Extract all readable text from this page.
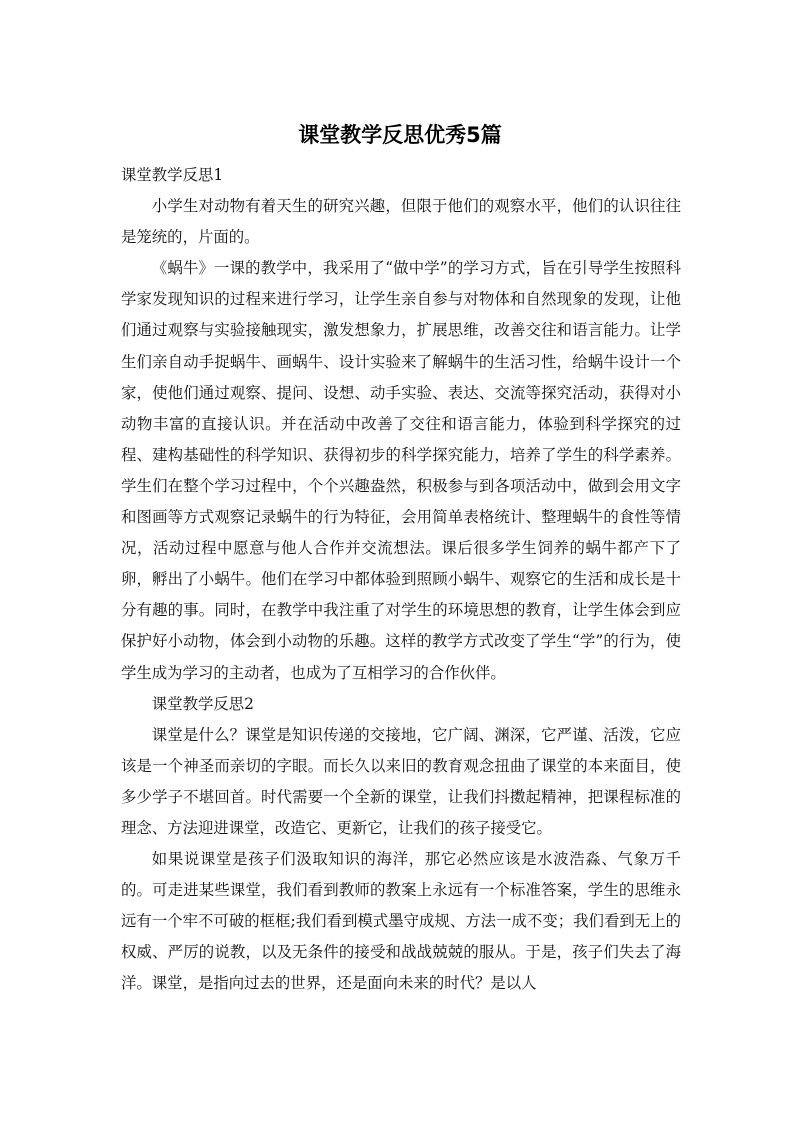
课堂教学反思优秀5篇

课堂教学反思1

小学生对动物有着天生的研究兴趣，但限于他们的观察水平，他们的认识往往是笼统的，片面的。

《蜗牛》一课的教学中，我采用了“做中学”的学习方式，旨在引导学生按照科学家发现知识的过程来进行学习，让学生亲自参与对物体和自然现象的发现，让他们通过观察与实验接触现实，激发想象力，扩展思维，改善交往和语言能力。让学生们亲自动手捉蜗牛、画蜗牛、设计实验来了解蜗牛的生活习性，给蜗牛设计一个家，使他们通过观察、提问、设想、动手实验、表达、交流等探究活动，获得对小动物丰富的直接认识。并在活动中改善了交往和语言能力，体验到科学探究的过程、建构基础性的科学知识、获得初步的科学探究能力，培养了学生的科学素养。学生们在整个学习过程中，个个兴趣盎然，积极参与到各项活动中，做到会用文字和图画等方式观察记录蜗牛的行为特征，会用简单表格统计、整理蜗牛的食性等情况，活动过程中愿意与他人合作并交流想法。课后很多学生饲养的蜗牛都产下了卵，孵出了小蜗牛。他们在学习中都体验到照顾小蜗牛、观察它的生活和成长是十分有趣的事。同时，在教学中我注重了对学生的环境思想的教育，让学生体会到应保护好小动物，体会到小动物的乐趣。这样的教学方式改变了学生“学”的行为，使学生成为学习的主动者，也成为了互相学习的合作伙伴。

课堂教学反思2

课堂是什么？课堂是知识传递的交接地，它广阔、渊深，它严谨、活泼，它应该是一个神圣而亲切的字眼。而长久以来旧的教育观念扭曲了课堂的本来面目，使多少学子不堪回首。时代需要一个全新的课堂，让我们抖擞起精神，把课程标准的理念、方法迎进课堂，改造它、更新它，让我们的孩子接受它。

如果说课堂是孩子们汲取知识的海洋，那它必然应该是水波浩淼、气象万千的。可走进某些课堂，我们看到教师的教案上永远有一个标准答案，学生的思维永远有一个牢不可破的框框;我们看到模式墨守成规、方法一成不变；我们看到无上的权威、严厉的说教，以及无条件的接受和战战兢兢的服从。于是，孩子们失去了海洋。课堂，是指向过去的世界，还是面向未来的时代？是以人
